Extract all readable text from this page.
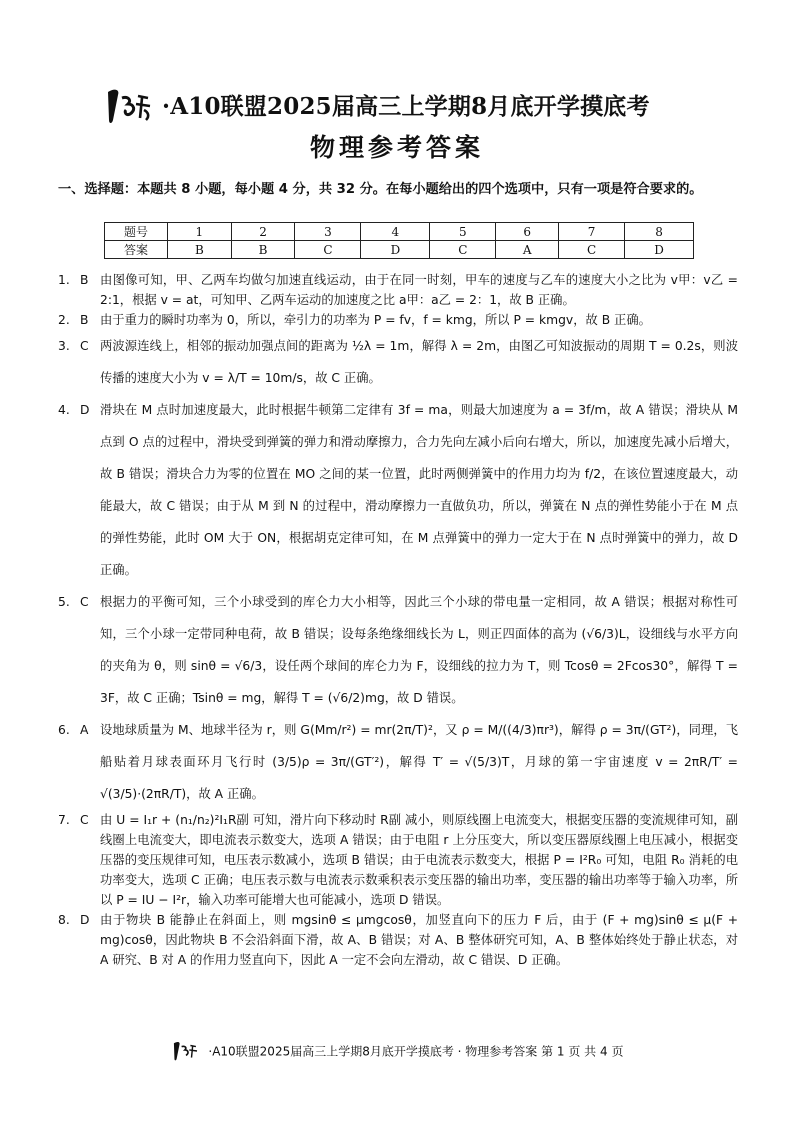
·A10联盟2025届高三上学期8月底开学摸底考
物理参考答案
一、选择题：本题共 8 小题，每小题 4 分，共 32 分。在每小题给出的四个选项中，只有一项是符合要求的。
题号	1	2	3	4	5	6	7	8
答案	B	B	C	D	C	A	C	D
1. B 由图像可知，甲、乙两车均做匀加速直线运动，由于在同一时刻，甲车的速度与乙车的速度大小之比为 v甲：v乙 = 2:1，根据 v = at，可知甲、乙两车运动的加速度之比 a甲：a乙 = 2：1，故 B 正确。
2. B 由于重力的瞬时功率为 0，所以，牵引力的功率为 P = fv，f = kmg，所以 P = kmgv，故 B 正确。
3. C 两波源连线上，相邻的振动加强点间的距离为 ½λ = 1m，解得 λ = 2m，由图乙可知波振动的周期 T = 0.2s，则波传播的速度大小为 v = λ/T = 10m/s，故 C 正确。
4. D 滑块在 M 点时加速度最大，此时根据牛顿第二定律有 3f = ma，则最大加速度为 a = 3f/m，故 A 错误；滑块从 M 点到 O 点的过程中，滑块受到弹簧的弹力和滑动摩擦力，合力先向左减小后向右增大，所以，加速度先减小后增大，故 B 错误；滑块合力为零的位置在 MO 之间的某一位置，此时两侧弹簧中的作用力均为 f/2，在该位置速度最大，动能最大，故 C 错误；由于从 M 到 N 的过程中，滑动摩擦力一直做负功，所以，弹簧在 N 点的弹性势能小于在 M 点的弹性势能，此时 OM 大于 ON，根据胡克定律可知，在 M 点弹簧中的弹力一定大于在 N 点时弹簧中的弹力，故 D 正确。
5. C 根据力的平衡可知，三个小球受到的库仑力大小相等，因此三个小球的带电量一定相同，故 A 错误；根据对称性可知，三个小球一定带同种电荷，故 B 错误；设每条绝缘细线长为 L，则正四面体的高为 (√6/3)L，设细线与水平方向的夹角为 θ，则 sinθ = √6/3，设任两个球间的库仑力为 F，设细线的拉力为 T，则 Tcosθ = 2Fcos30°，解得 T = 3F，故 C 正确；Tsinθ = mg，解得 T = (√6/2)mg，故 D 错误。
6. A 设地球质量为 M、地球半径为 r，则 G(Mm/r²) = mr(2π/T)²，又 ρ = M/((4/3)πr³)，解得 ρ = 3π/(GT²)，同理，飞船贴着月球表面环月飞行时 (3/5)ρ = 3π/(GT′²)，解得 T′ = √(5/3)T，月球的第一宇宙速度 v = 2πR/T′ = √(3/5)·(2πR/T)，故 A 正确。
7. C 由 U = I₁r + (n₁/n₂)²I₁R副 可知，滑片向下移动时 R副 减小，则原线圈上电流变大，根据变压器的变流规律可知，副线圈上电流变大，即电流表示数变大，选项 A 错误；由于电阻 r 上分压变大，所以变压器原线圈上电压减小，根据变压器的变压规律可知，电压表示数减小，选项 B 错误；由于电流表示数变大，根据 P = I²R₀ 可知，电阻 R₀ 消耗的电功率变大，选项 C 正确；电压表示数与电流表示数乘积表示变压器的输出功率，变压器的输出功率等于输入功率，所以 P = IU − I²r，输入功率可能增大也可能减小，选项 D 错误。
8. D 由于物块 B 能静止在斜面上，则 mgsinθ ≤ μmgcosθ，加竖直向下的压力 F 后，由于 (F + mg)sinθ ≤ μ(F + mg)cosθ，因此物块 B 不会沿斜面下滑，故 A、B 错误；对 A、B 整体研究可知，A、B 整体始终处于静止状态，对 A 研究、B 对 A 的作用力竖直向下，因此 A 一定不会向左滑动，故 C 错误、D 正确。
·A10联盟2025届高三上学期8月底开学摸底考 · 物理参考答案 第 1 页 共 4 页
